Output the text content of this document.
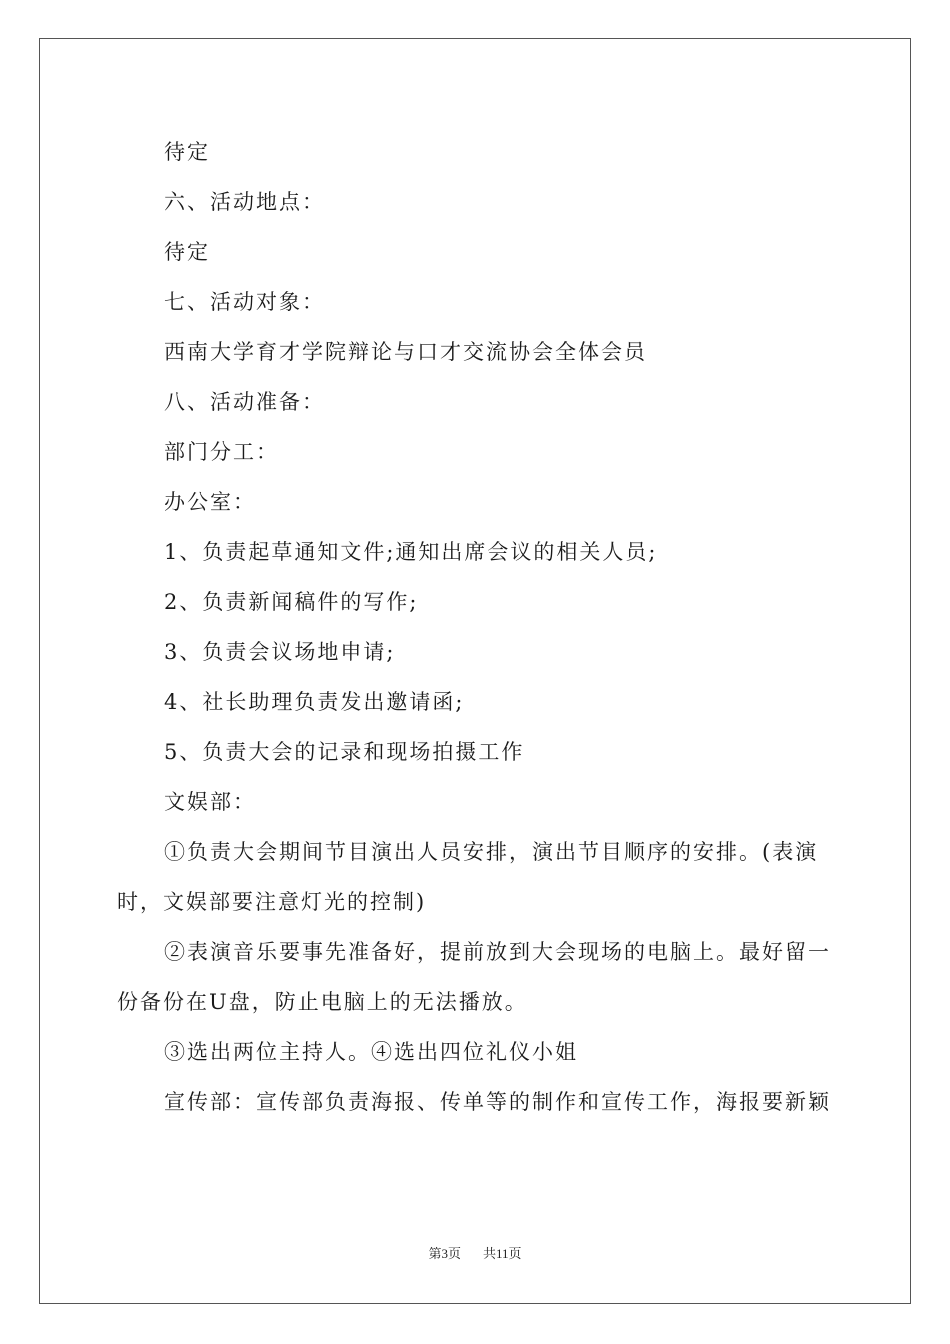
待定

六、活动地点：

待定

七、活动对象：

西南大学育才学院辩论与口才交流协会全体会员

八、活动准备：

部门分工：

办公室：

1、负责起草通知文件;通知出席会议的相关人员;

2、负责新闻稿件的写作;

3、负责会议场地申请;

4、社长助理负责发出邀请函;

5、负责大会的记录和现场拍摄工作

文娱部：

①负责大会期间节目演出人员安排，演出节目顺序的安排。(表演时，文娱部要注意灯光的控制)

②表演音乐要事先准备好，提前放到大会现场的电脑上。最好留一份备份在U盘，防止电脑上的无法播放。

③选出两位主持人。④选出四位礼仪小姐

宣传部：宣传部负责海报、传单等的制作和宣传工作，海报要新颖

第3页 共11页
